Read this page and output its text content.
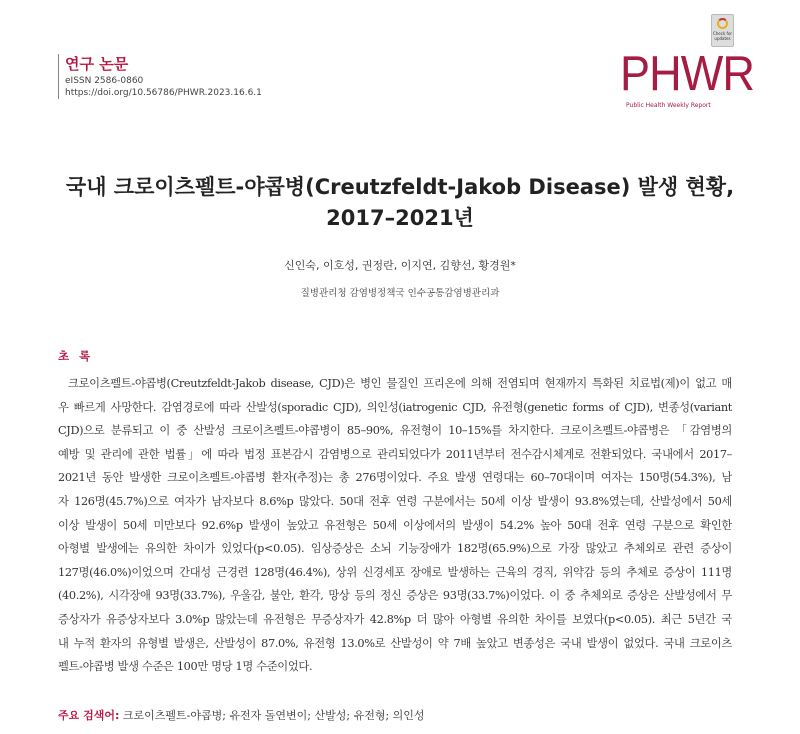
연구 논문
eISSN 2586-0860
https://doi.org/10.56786/PHWR.2023.16.6.1
Check for updates
PHWR
Public Health Weekly Report
국내 크로이츠펠트-야콥병(Creutzfeldt-Jakob Disease) 발생 현황,
2017–2021년
신인숙, 이호성, 권정란, 이지연, 김향선, 황경원*
질병관리청 감염병정책국 인수공통감염병관리과
초 록
크로이츠펠트-야콥병(Creutzfeldt-Jakob disease, CJD)은 병인 물질인 프리온에 의해 전염되며 현재까지 특화된 치료법(제)이 없고 매
우 빠르게 사망한다. 감염경로에 따라 산발성(sporadic CJD), 의인성(iatrogenic CJD, 유전형(genetic forms of CJD), 변종성(variant
CJD)으로 분류되고 이 중 산발성 크로이츠펠트-야콥병이 85–90%, 유전형이 10–15%를 차지한다. 크로이츠펠트-야콥병은 「감염병의
예방 및 관리에 관한 법률」에 따라 법정 표본감시 감염병으로 관리되었다가 2011년부터 전수감시체계로 전환되었다. 국내에서 2017–
2021년 동안 발생한 크로이츠펠트-야콥병 환자(추정)는 총 276명이었다. 주요 발생 연령대는 60–70대이며 여자는 150명(54.3%), 남
자 126명(45.7%)으로 여자가 남자보다 8.6%p 많았다. 50대 전후 연령 구분에서는 50세 이상 발생이 93.8%였는데, 산발성에서 50세
이상 발생이 50세 미만보다 92.6%p 발생이 높았고 유전형은 50세 이상에서의 발생이 54.2% 높아 50대 전후 연령 구분으로 확인한
아형별 발생에는 유의한 차이가 있었다(p<0.05). 임상증상은 소뇌 기능장애가 182명(65.9%)으로 가장 많았고 추체외로 관련 증상이
127명(46.0%)이었으며 간대성 근경련 128명(46.4%), 상위 신경세포 장애로 발생하는 근육의 경직, 위약감 등의 추체로 증상이 111명
(40.2%), 시각장애 93명(33.7%), 우울감, 불안, 환각, 망상 등의 정신 증상은 93명(33.7%)이었다. 이 중 추체외로 증상은 산발성에서 무
증상자가 유증상자보다 3.0%p 많았는데 유전형은 무증상자가 42.8%p 더 많아 아형별 유의한 차이를 보였다(p<0.05). 최근 5년간 국
내 누적 환자의 유형별 발생은, 산발성이 87.0%, 유전형 13.0%로 산발성이 약 7배 높았고 변종성은 국내 발생이 없었다. 국내 크로이츠
펠트-야콥병 발생 수준은 100만 명당 1명 수준이었다.
주요 검색어: 크로이츠펠트-야콥병; 유전자 돌연변이; 산발성; 유전형; 의인성
